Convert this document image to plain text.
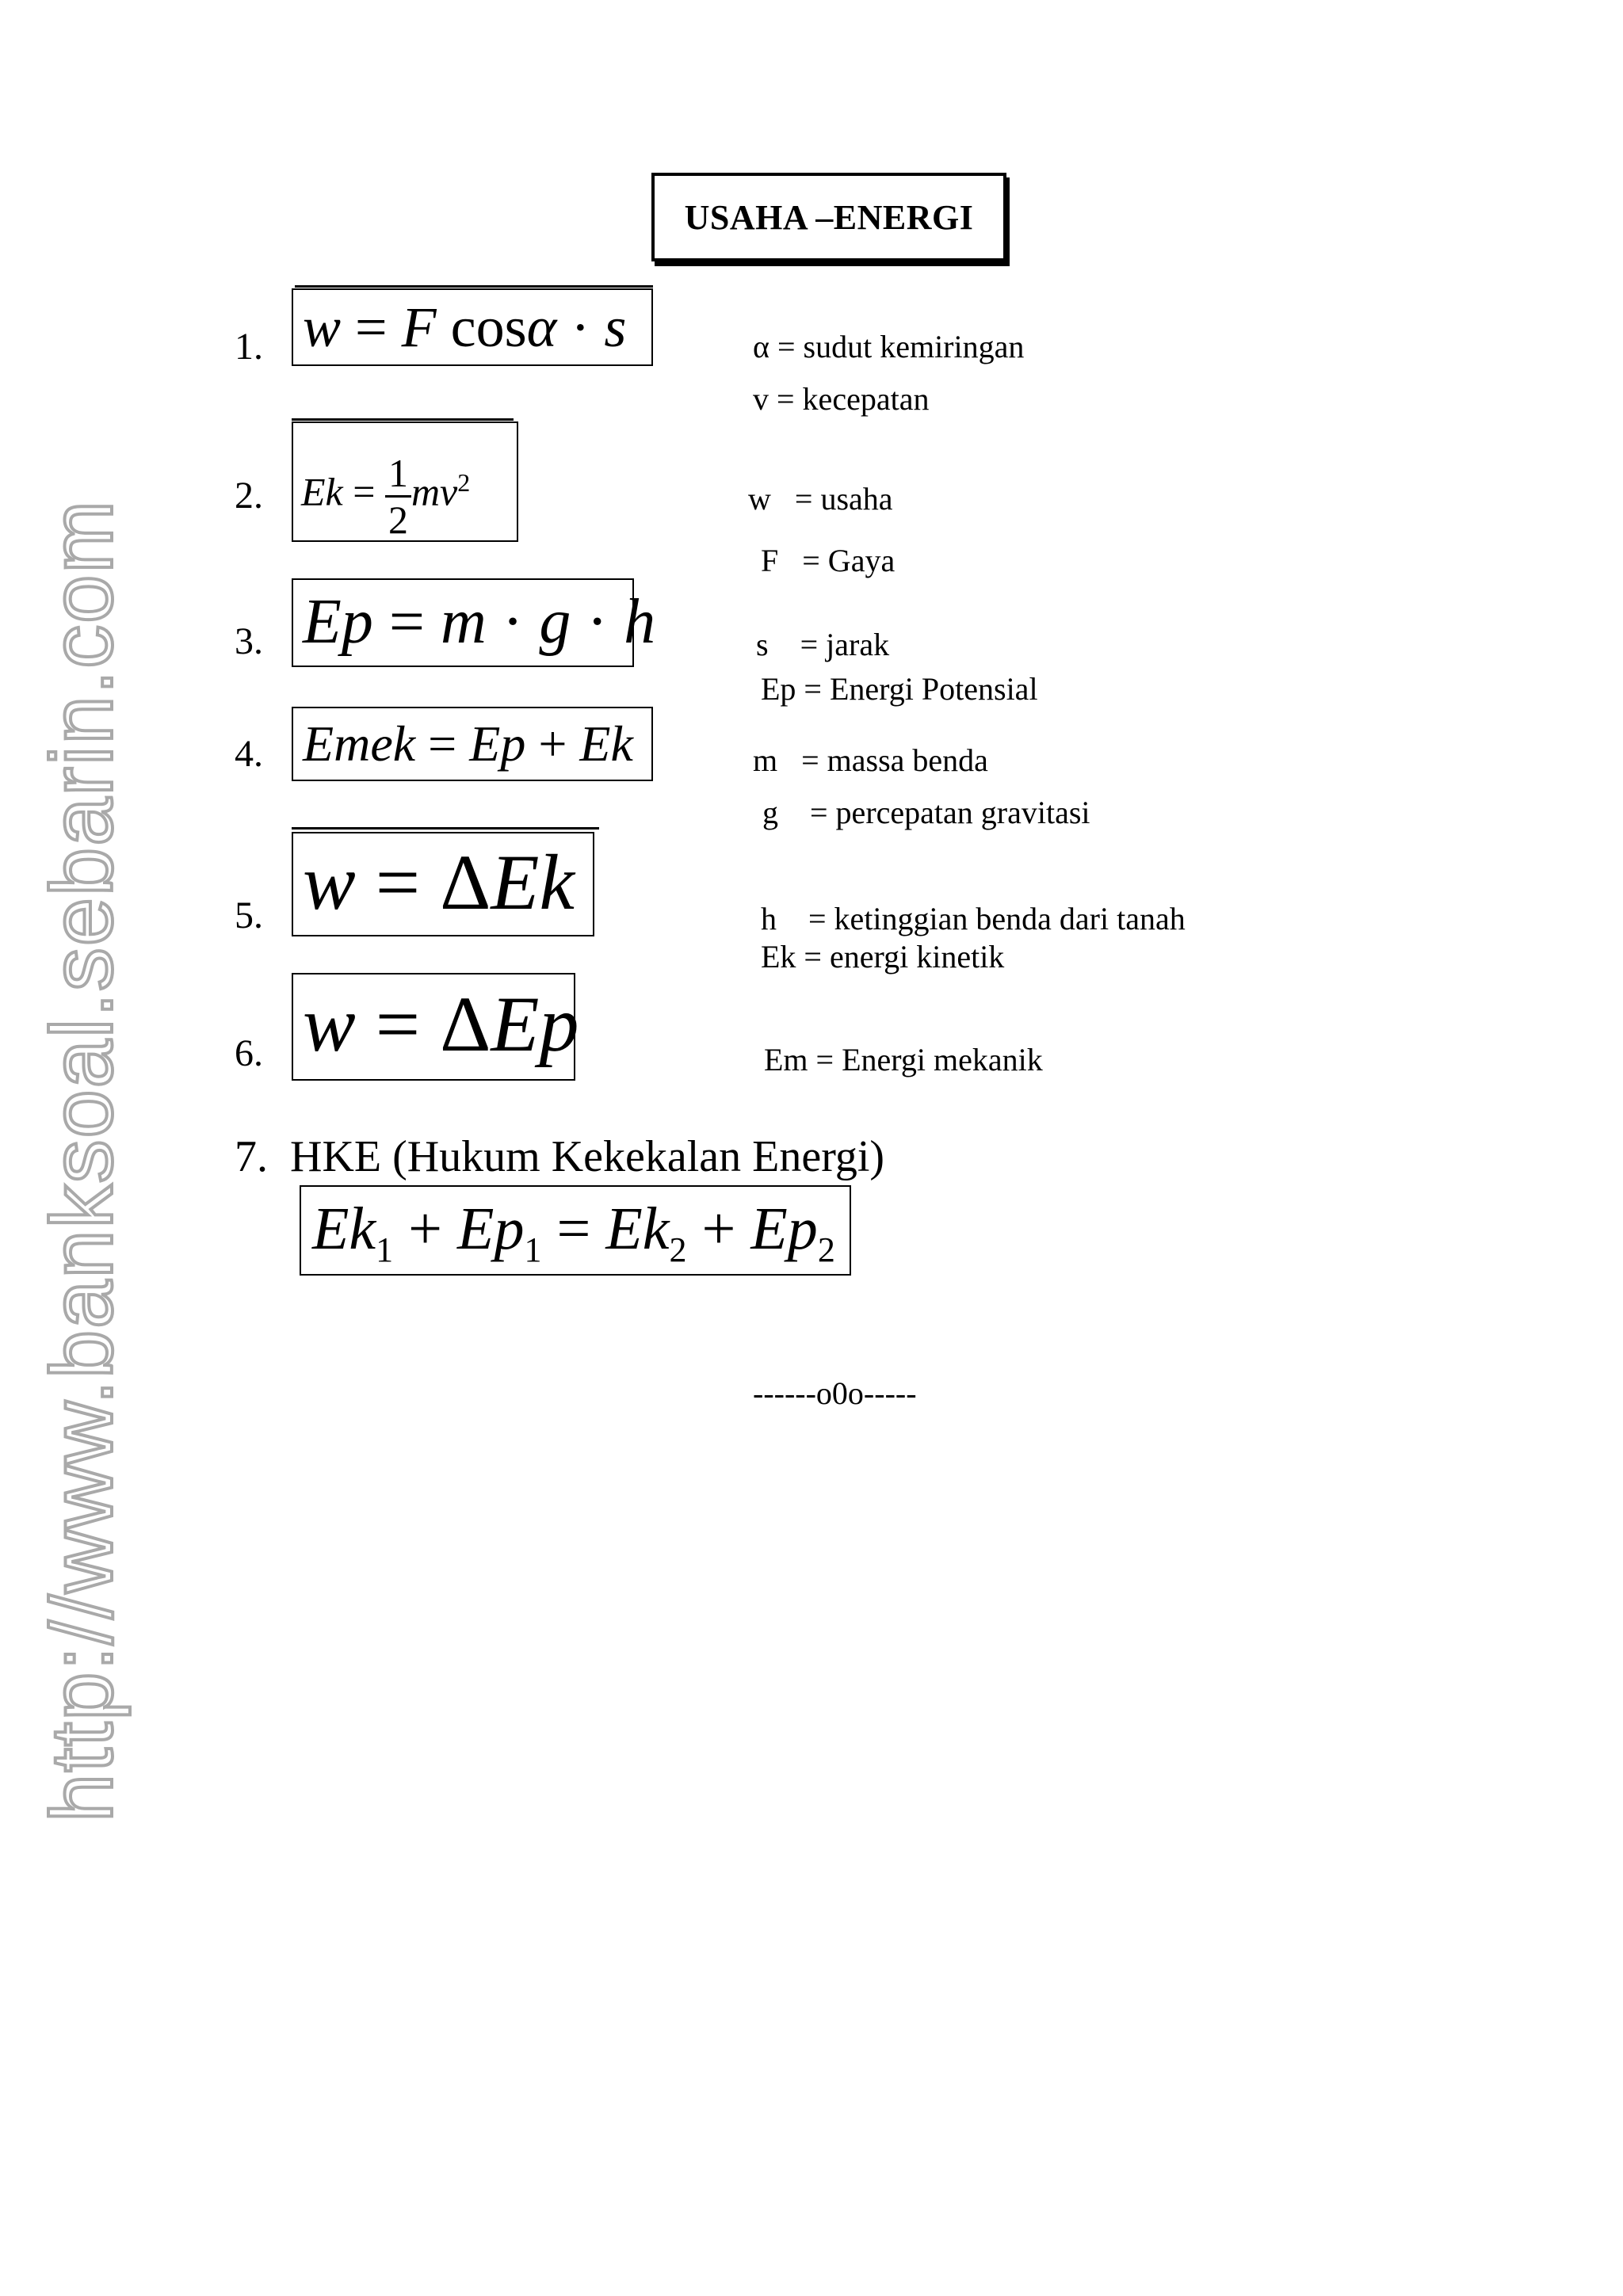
USAHA –ENERGI
1. w = F cosα · s
2. $Ek = \frac{1}{2} mv^2$
3. Ep = m · g · h
4. Emek = Ep + Ek
5. w = ΔEk
6. w = ΔEp
7. HKE (Hukum Kekekalan Energi)
$Ek_1 + Ep_1 = Ek_2 + Ep_2$
α = sudut kemiringan
v = kecepatan
w   = usaha
F   = Gaya
s    = jarak
Ep = Energi Potensial
m   = massa benda
g    = percepatan gravitasi
h    = ketinggian benda dari tanah
Ek = energi kinetik
Em = Energi mekanik
------o0o-----
http://www.banksoal.sebarin.com
